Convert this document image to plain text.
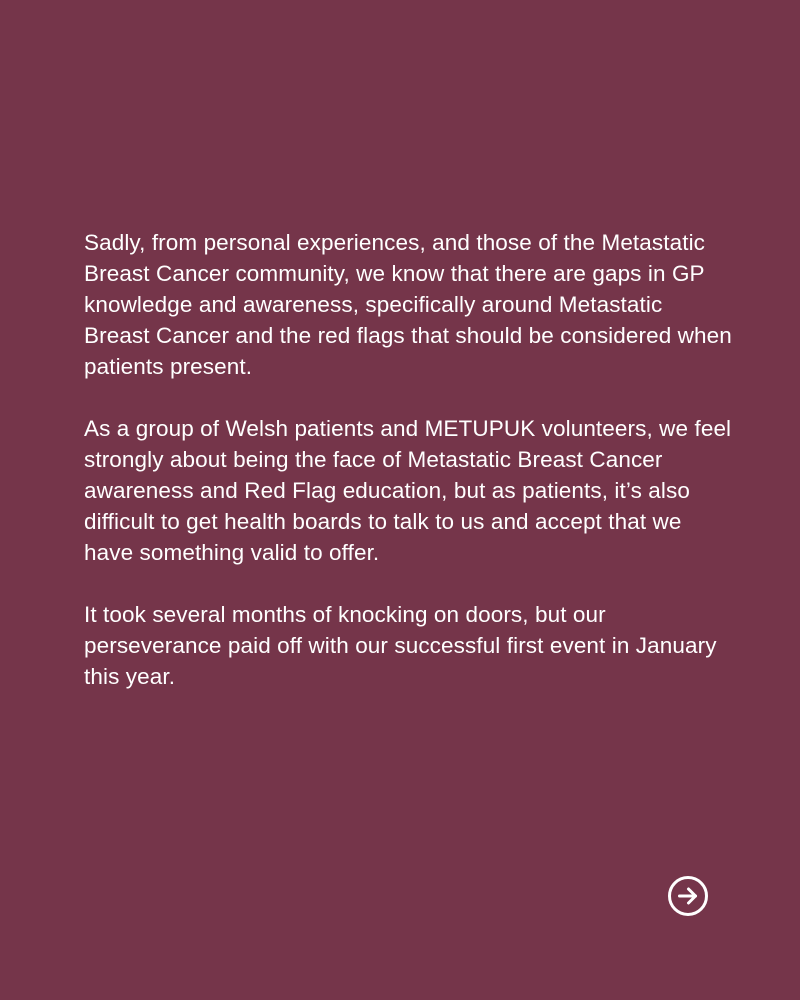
Sadly, from personal experiences, and those of the Metastatic Breast Cancer community, we know that there are gaps in GP knowledge and awareness, specifically around Metastatic Breast Cancer and the red flags that should be considered when patients present.

As a group of Welsh patients and METUPUK volunteers, we feel strongly about being the face of Metastatic Breast Cancer awareness and Red Flag education, but as patients, it’s also difficult to get health boards to talk to us and accept that we have something valid to offer.

It took several months of knocking on doors, but our perseverance paid off with our successful first event in January this year.
